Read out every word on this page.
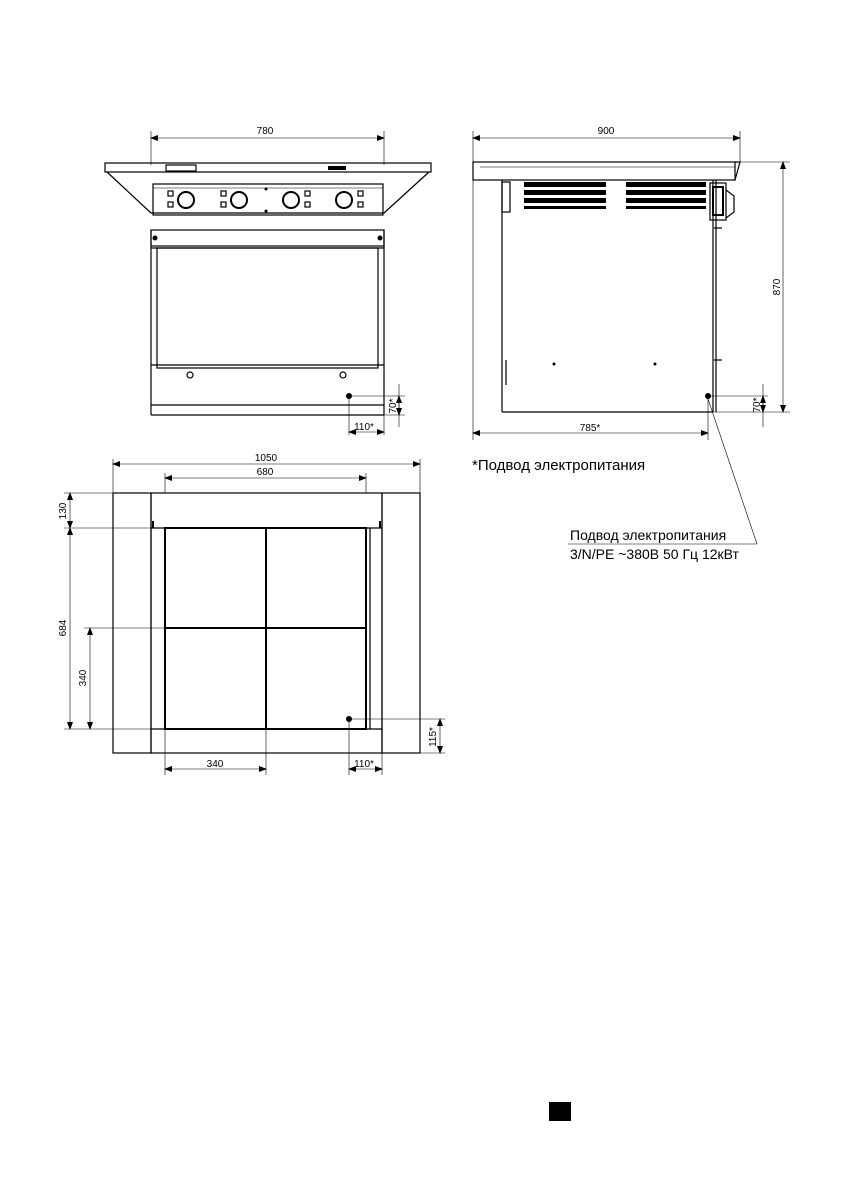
780
70*
110*
900
870
70*
785*
1050
680
130
684
340
340	110*
115*

*Подвод электропитания

Подвод электропитания

3/N/PE ~380В 50 Гц 12кВт
